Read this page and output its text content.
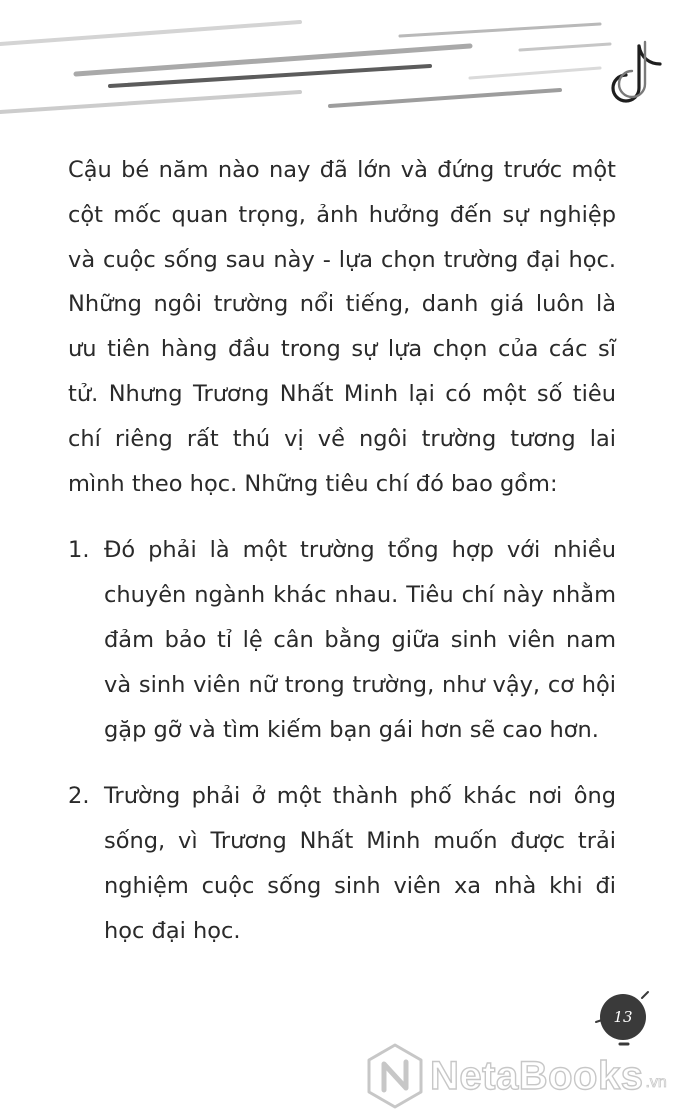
Cậu bé năm nào nay đã lớn và đứng trước một cột mốc quan trọng, ảnh hưởng đến sự nghiệp và cuộc sống sau này - lựa chọn trường đại học. Những ngôi trường nổi tiếng, danh giá luôn là ưu tiên hàng đầu trong sự lựa chọn của các sĩ tử. Nhưng Trương Nhất Minh lại có một số tiêu chí riêng rất thú vị về ngôi trường tương lai mình theo học. Những tiêu chí đó bao gồm:

1. Đó phải là một trường tổng hợp với nhiều chuyên ngành khác nhau. Tiêu chí này nhằm đảm bảo tỉ lệ cân bằng giữa sinh viên nam và sinh viên nữ trong trường, như vậy, cơ hội gặp gỡ và tìm kiếm bạn gái hơn sẽ cao hơn.
2. Trường phải ở một thành phố khác nơi ông sống, vì Trương Nhất Minh muốn được trải nghiệm cuộc sống sinh viên xa nhà khi đi học đại học.
13
NetaBooks .vn
